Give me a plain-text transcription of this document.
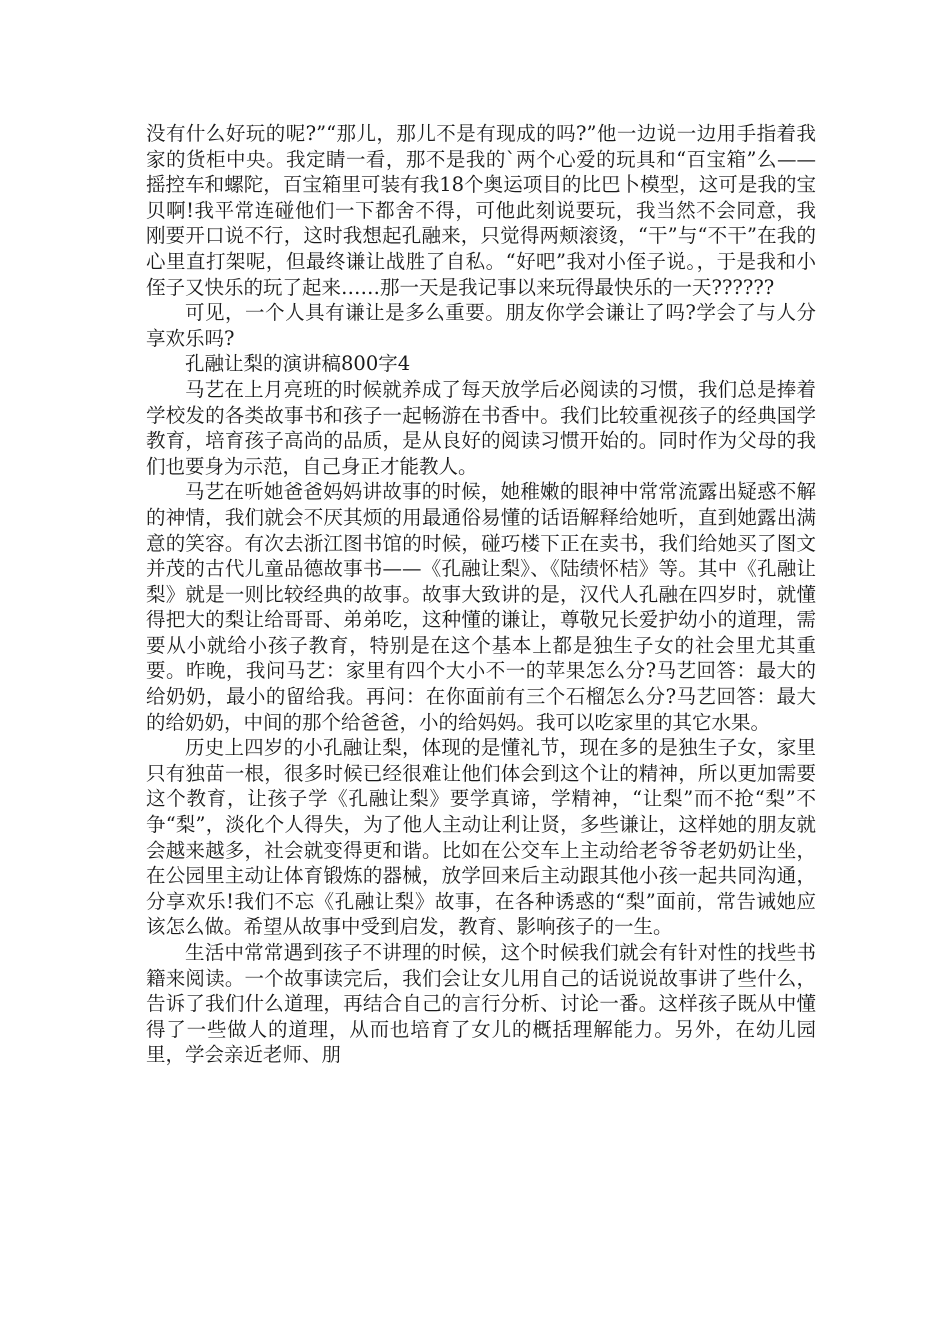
没有什么好玩的呢?”“那儿，那儿不是有现成的吗?”他一边说一边用手指着我家的货柜中央。我定睛一看，那不是我的`两个心爱的玩具和“百宝箱”么——摇控车和螺陀，百宝箱里可装有我18个奥运项目的比巴卜模型，这可是我的宝贝啊!我平常连碰他们一下都舍不得，可他此刻说要玩，我当然不会同意，我刚要开口说不行，这时我想起孔融来，只觉得两颊滚烫，“干”与“不干”在我的心里直打架呢，但最终谦让战胜了自私。“好吧”我对小侄子说。，于是我和小侄子又快乐的玩了起来……那一天是我记事以来玩得最快乐的一天??????

可见，一个人具有谦让是多么重要。朋友你学会谦让了吗?学会了与人分享欢乐吗?

孔融让梨的演讲稿800字4

马艺在上月亮班的时候就养成了每天放学后必阅读的习惯，我们总是捧着学校发的各类故事书和孩子一起畅游在书香中。我们比较重视孩子的经典国学教育，培育孩子高尚的品质，是从良好的阅读习惯开始的。同时作为父母的我们也要身为示范，自己身正才能教人。

马艺在听她爸爸妈妈讲故事的时候，她稚嫩的眼神中常常流露出疑惑不解的神情，我们就会不厌其烦的用最通俗易懂的话语解释给她听，直到她露出满意的笑容。有次去浙江图书馆的时候，碰巧楼下正在卖书，我们给她买了图文并茂的古代儿童品德故事书——《孔融让梨》、《陆绩怀桔》等。其中《孔融让梨》就是一则比较经典的故事。故事大致讲的是，汉代人孔融在四岁时，就懂得把大的梨让给哥哥、弟弟吃，这种懂的谦让，尊敬兄长爱护幼小的道理，需要从小就给小孩子教育，特别是在这个基本上都是独生子女的社会里尤其重要。昨晚，我问马艺：家里有四个大小不一的苹果怎么分?马艺回答：最大的给奶奶，最小的留给我。再问：在你面前有三个石榴怎么分?马艺回答：最大的给奶奶，中间的那个给爸爸，小的给妈妈。我可以吃家里的其它水果。

历史上四岁的小孔融让梨，体现的是懂礼节，现在多的是独生子女，家里只有独苗一根，很多时候已经很难让他们体会到这个让的精神，所以更加需要这个教育，让孩子学《孔融让梨》要学真谛，学精神，“让梨”而不抢“梨”不争“梨”，淡化个人得失，为了他人主动让利让贤，多些谦让，这样她的朋友就会越来越多，社会就变得更和谐。比如在公交车上主动给老爷爷老奶奶让坐，在公园里主动让体育锻炼的器械，放学回来后主动跟其他小孩一起共同沟通，分享欢乐!我们不忘《孔融让梨》故事，在各种诱惑的“梨”面前，常告诫她应该怎么做。希望从故事中受到启发，教育、影响孩子的一生。

生活中常常遇到孩子不讲理的时候，这个时候我们就会有针对性的找些书籍来阅读。一个故事读完后，我们会让女儿用自己的话说说故事讲了些什么，告诉了我们什么道理，再结合自己的言行分析、讨论一番。这样孩子既从中懂得了一些做人的道理，从而也培育了女儿的概括理解能力。另外，在幼儿园里，学会亲近老师、朋
